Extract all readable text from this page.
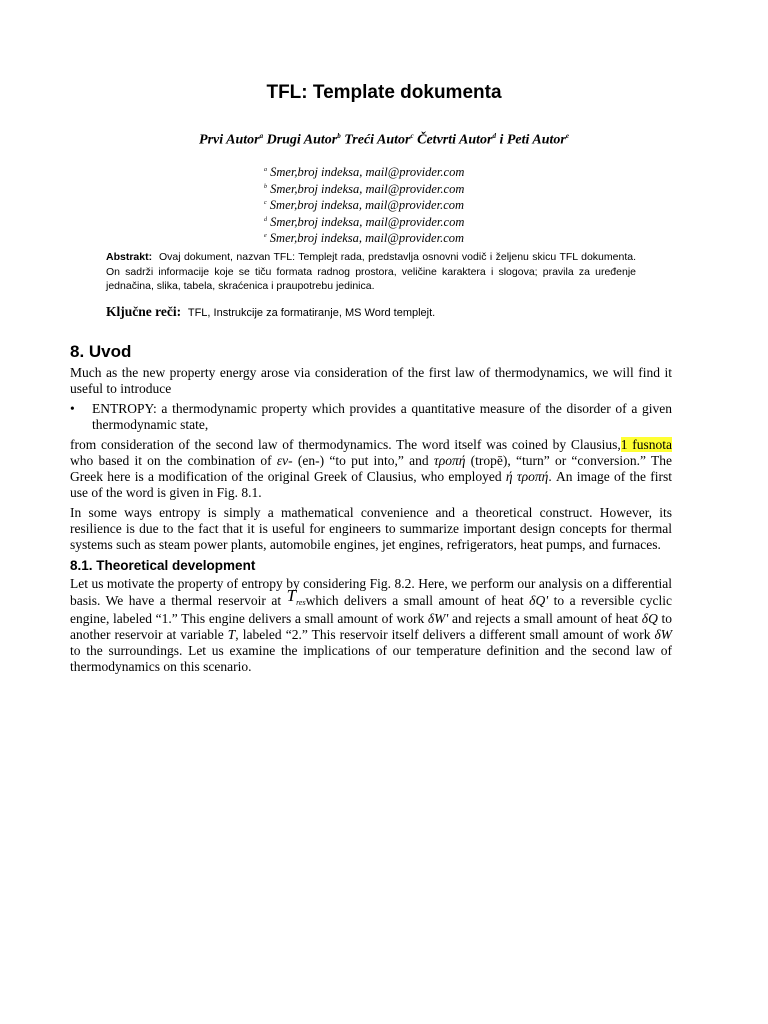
TFL: Template dokumenta
Prvi Autor$^a$ Drugi Autor$^b$ Treći Autor$^c$ Četvrti Autor$^d$ i Peti Autor$^e$
$^a$ Smer,broj indeksa, mail@provider.com
$^b$ Smer,broj indeksa, mail@provider.com
$^c$ Smer,broj indeksa, mail@provider.com
$^d$ Smer,broj indeksa, mail@provider.com
$^e$ Smer,broj indeksa, mail@provider.com

Abstrakt: Ovaj dokument, nazvan TFL: Templejt rada, predstavlja osnovni vodič i željenu skicu TFL dokumenta. On sadrži informacije koje se tiču formata radnog prostora, veličine karaktera i slogova; pravila za uređenje jednačina, slika, tabela, skraćenica i praupotrebu jedinica.

Ključne reči: TFL, Instrukcije za formatiranje, MS Word templejt.

8. Uvod

Much as the new property energy arose via consideration of the first law of thermodynamics, we will find it useful to introduce

• ENTROPY: a thermodynamic property which provides a quantitative measure of the disorder of a given thermodynamic state,

from consideration of the second law of thermodynamics. The word itself was coined by Clausius,1 fusnota who based it on the combination of εν- (en-) “to put into,” and τροπή (tropē), “turn” or “conversion.” The Greek here is a modification of the original Greek of Clausius, who employed ή τροπή. An image of the first use of the word is given in Fig. 8.1.

In some ways entropy is simply a mathematical convenience and a theoretical construct. However, its resilience is due to the fact that it is useful for engineers to summarize important design concepts for thermal systems such as steam power plants, automobile engines, jet engines, refrigerators, heat pumps, and furnaces.

8.1. Theoretical development

Let us motivate the property of entropy by considering Fig. 8.2. Here, we perform our analysis on a differential basis. We have a thermal reservoir at Treswhich delivers a small amount of heat δQ' to a reversible cyclic engine, labeled “1.” This engine delivers a small amount of work δW' and rejects a small amount of heat δQ to another reservoir at variable T, labeled “2.” This reservoir itself delivers a different small amount of work δW to the surroundings. Let us examine the implications of our temperature definition and the second law of thermodynamics on this scenario.
